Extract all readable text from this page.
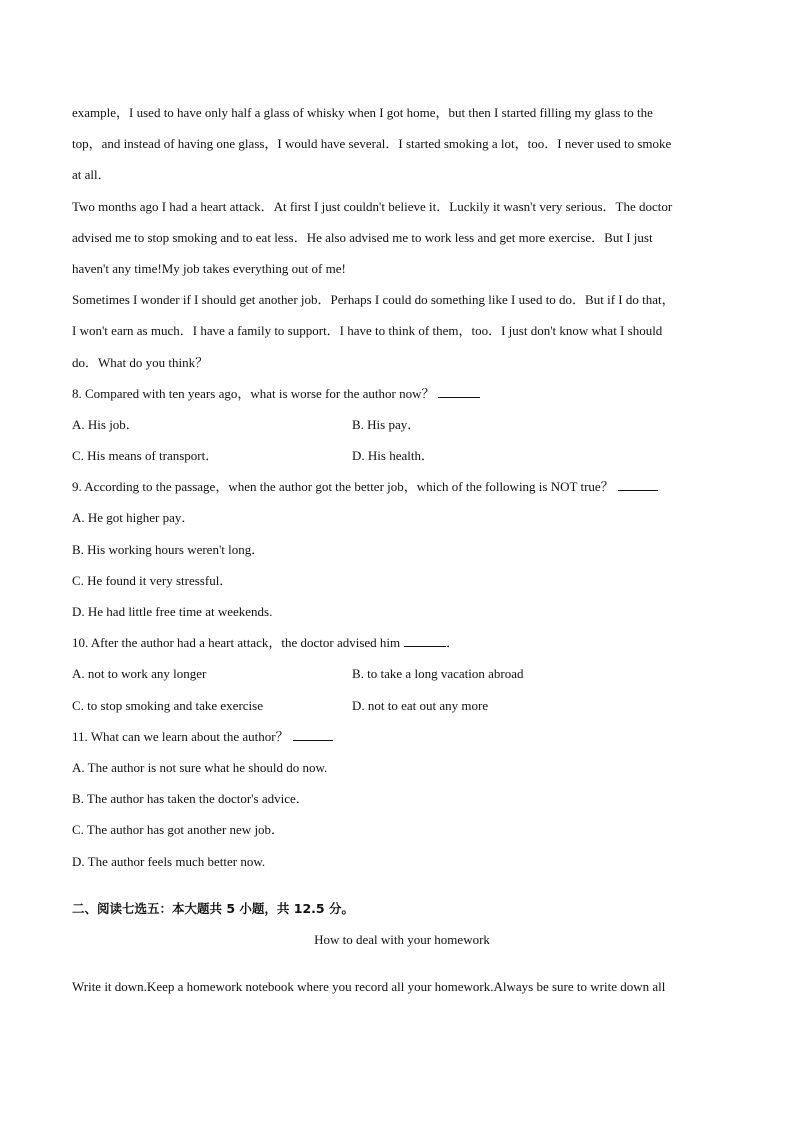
example，I used to have only half a glass of whisky when I got home，but then I started filling my glass to the
top，and instead of having one glass，I would have several．I started smoking a lot，too．I never used to smoke
at all．
Two months ago I had a heart attack．At first I just couldn't believe it．Luckily it wasn't very serious．The doctor
advised me to stop smoking and to eat less．He also advised me to work less and get more exercise．But I just
haven't any time!My job takes everything out of me!
Sometimes I wonder if I should get another job．Perhaps I could do something like I used to do．But if I do that，
I won't earn as much．I have a family to support．I have to think of them，too．I just don't know what I should
do．What do you think？
8. Compared with ten years ago，what is worse for the author now？
A. His job．	B. His pay．
C. His means of transport．	D. His health．
9. According to the passage，when the author got the better job，which of the following is NOT true？
A. He got higher pay．
B. His working hours weren't long．
C. He found it very stressful．
D. He had little free time at weekends.
10. After the author had a heart attack，the doctor advised him	．
A. not to work any longer	B. to take a long vacation abroad
C. to stop smoking and take exercise	D. not to eat out any more
11. What can we learn about the author？
A. The author is not sure what he should do now.
B. The author has taken the doctor's advice．
C. The author has got another new job．
D. The author feels much better now.
二、阅读七选五：本大题共 5 小题，共 12.5 分。
How to deal with your homework
Write it down.Keep a homework notebook where you record all your homework.Always be sure to write down all
